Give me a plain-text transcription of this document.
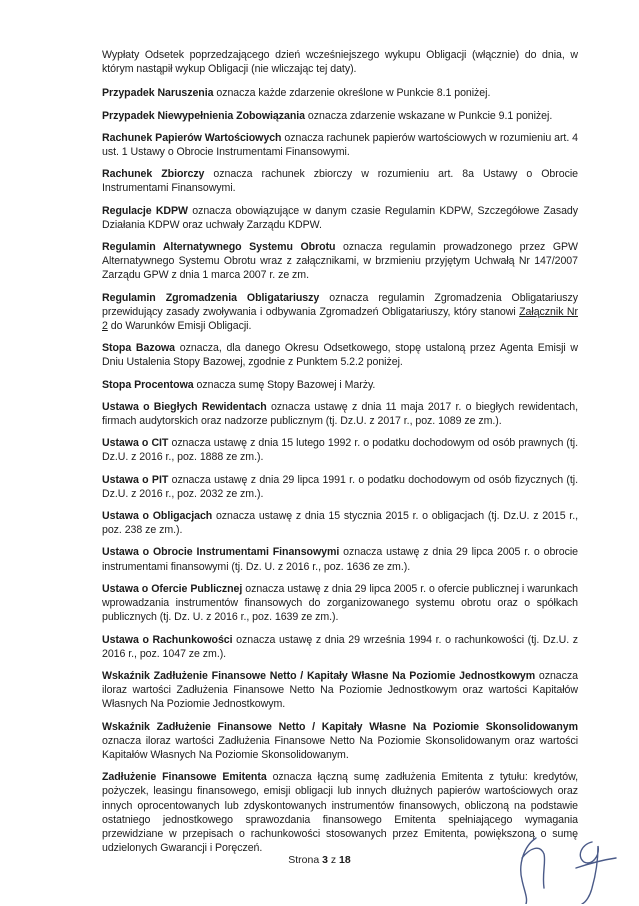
Wypłaty Odsetek poprzedzającego dzień wcześniejszego wykupu Obligacji (włącznie) do dnia, w którym nastąpił wykup Obligacji (nie wliczając tej daty).

Przypadek Naruszenia oznacza każde zdarzenie określone w Punkcie 8.1 poniżej.

Przypadek Niewypełnienia Zobowiązania oznacza zdarzenie wskazane w Punkcie 9.1 poniżej.

Rachunek Papierów Wartościowych oznacza rachunek papierów wartościowych w rozumieniu art. 4 ust. 1 Ustawy o Obrocie Instrumentami Finansowymi.

Rachunek Zbiorczy oznacza rachunek zbiorczy w rozumieniu art. 8a Ustawy o Obrocie Instrumentami Finansowymi.

Regulacje KDPW oznacza obowiązujące w danym czasie Regulamin KDPW, Szczegółowe Zasady Działania KDPW oraz uchwały Zarządu KDPW.

Regulamin Alternatywnego Systemu Obrotu oznacza regulamin prowadzonego przez GPW Alternatywnego Systemu Obrotu wraz z załącznikami, w brzmieniu przyjętym Uchwałą Nr 147/2007 Zarządu GPW z dnia 1 marca 2007 r. ze zm.

Regulamin Zgromadzenia Obligatariuszy oznacza regulamin Zgromadzenia Obligatariuszy przewidujący zasady zwoływania i odbywania Zgromadzeń Obligatariuszy, który stanowi Załącznik Nr 2 do Warunków Emisji Obligacji.

Stopa Bazowa oznacza, dla danego Okresu Odsetkowego, stopę ustaloną przez Agenta Emisji w Dniu Ustalenia Stopy Bazowej, zgodnie z Punktem 5.2.2 poniżej.

Stopa Procentowa oznacza sumę Stopy Bazowej i Marży.

Ustawa o Biegłych Rewidentach oznacza ustawę z dnia 11 maja 2017 r. o biegłych rewidentach, firmach audytorskich oraz nadzorze publicznym (tj. Dz.U. z 2017 r., poz. 1089 ze zm.).

Ustawa o CIT oznacza ustawę z dnia 15 lutego 1992 r. o podatku dochodowym od osób prawnych (tj. Dz.U. z 2016 r., poz. 1888 ze zm.).

Ustawa o PIT oznacza ustawę z dnia 29 lipca 1991 r. o podatku dochodowym od osób fizycznych (tj. Dz.U. z 2016 r., poz. 2032 ze zm.).

Ustawa o Obligacjach oznacza ustawę z dnia 15 stycznia 2015 r. o obligacjach (tj. Dz.U. z 2015 r., poz. 238 ze zm.).

Ustawa o Obrocie Instrumentami Finansowymi oznacza ustawę z dnia 29 lipca 2005 r. o obrocie instrumentami finansowymi (tj. Dz. U. z 2016 r., poz. 1636 ze zm.).

Ustawa o Ofercie Publicznej oznacza ustawę z dnia 29 lipca 2005 r. o ofercie publicznej i warunkach wprowadzania instrumentów finansowych do zorganizowanego systemu obrotu oraz o spółkach publicznych (tj. Dz. U. z 2016 r., poz. 1639 ze zm.).

Ustawa o Rachunkowości oznacza ustawę z dnia 29 września 1994 r. o rachunkowości (tj. Dz.U. z 2016 r., poz. 1047 ze zm.).

Wskaźnik Zadłużenie Finansowe Netto / Kapitały Własne Na Poziomie Jednostkowym oznacza iloraz wartości Zadłużenia Finansowe Netto Na Poziomie Jednostkowym oraz wartości Kapitałów Własnych Na Poziomie Jednostkowym.

Wskaźnik Zadłużenie Finansowe Netto / Kapitały Własne Na Poziomie Skonsolidowanym oznacza iloraz wartości Zadłużenia Finansowe Netto Na Poziomie Skonsolidowanym oraz wartości Kapitałów Własnych Na Poziomie Skonsolidowanym.

Zadłużenie Finansowe Emitenta oznacza łączną sumę zadłużenia Emitenta z tytułu: kredytów, pożyczek, leasingu finansowego, emisji obligacji lub innych dłużnych papierów wartościowych oraz innych oprocentowanych lub zdyskontowanych instrumentów finansowych, obliczoną na podstawie ostatniego jednostkowego sprawozdania finansowego Emitenta spełniającego wymagania przewidziane w przepisach o rachunkowości stosowanych przez Emitenta, powiększoną o sumę udzielonych Gwarancji i Poręczeń.

Strona 3 z 18
